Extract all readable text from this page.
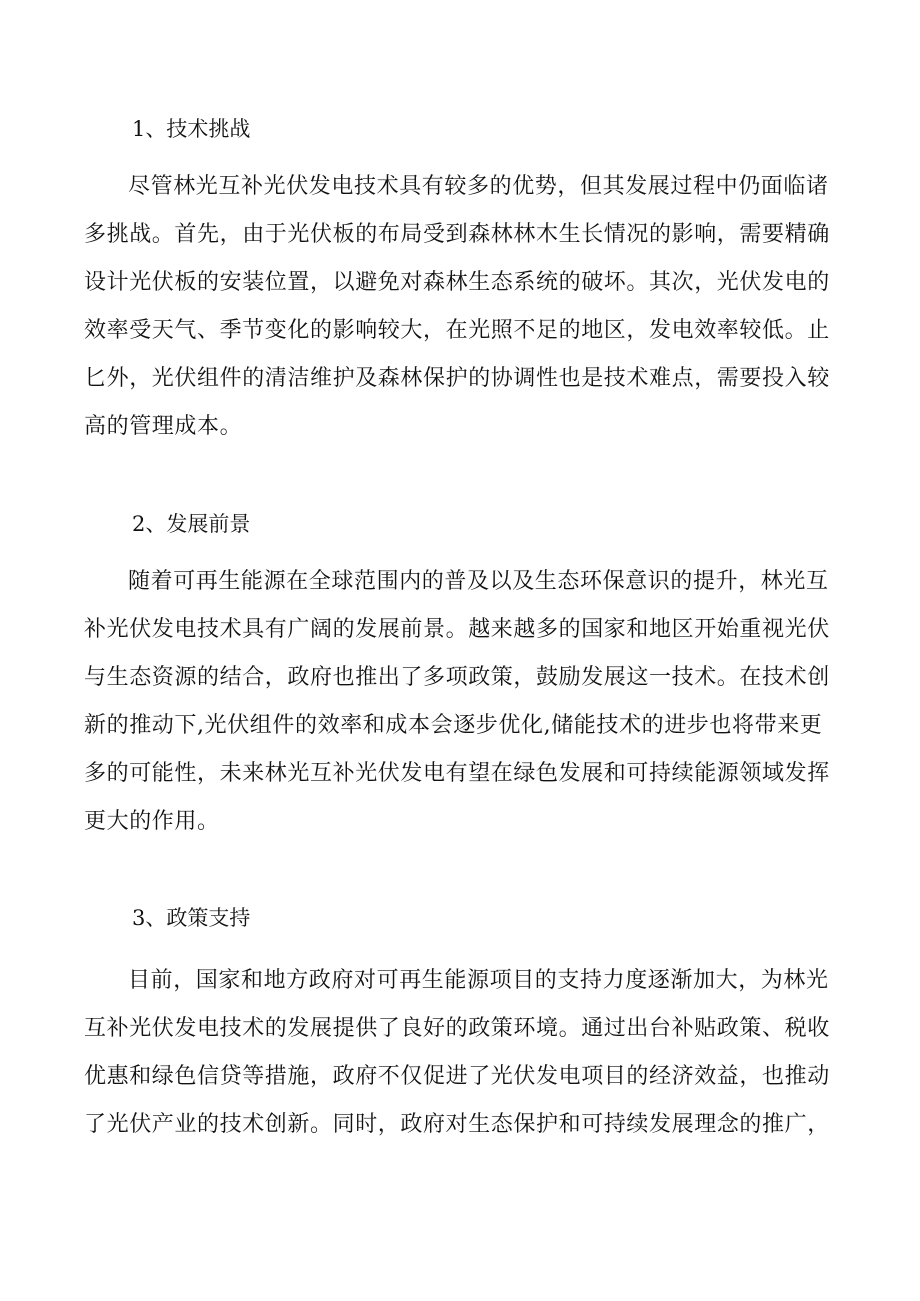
1、技术挑战
尽管林光互补光伏发电技术具有较多的优势，但其发展过程中仍面临诸
多挑战。首先，由于光伏板的布局受到森林林木生长情况的影响，需要精确
设计光伏板的安装位置，以避免对森林生态系统的破坏。其次，光伏发电的
效率受天气、季节变化的影响较大，在光照不足的地区，发电效率较低。止
匕外，光伏组件的清洁维护及森林保护的协调性也是技术难点，需要投入较
高的管理成本。
2、发展前景
随着可再生能源在全球范围内的普及以及生态环保意识的提升，林光互
补光伏发电技术具有广阔的发展前景。越来越多的国家和地区开始重视光伏
与生态资源的结合，政府也推出了多项政策，鼓励发展这一技术。在技术创
新的推动下,光伏组件的效率和成本会逐步优化,储能技术的进步也将带来更
多的可能性，未来林光互补光伏发电有望在绿色发展和可持续能源领域发挥
更大的作用。
3、政策支持
目前，国家和地方政府对可再生能源项目的支持力度逐渐加大，为林光
互补光伏发电技术的发展提供了良好的政策环境。通过出台补贴政策、税收
优惠和绿色信贷等措施，政府不仅促进了光伏发电项目的经济效益，也推动
了光伏产业的技术创新。同时，政府对生态保护和可持续发展理念的推广，
